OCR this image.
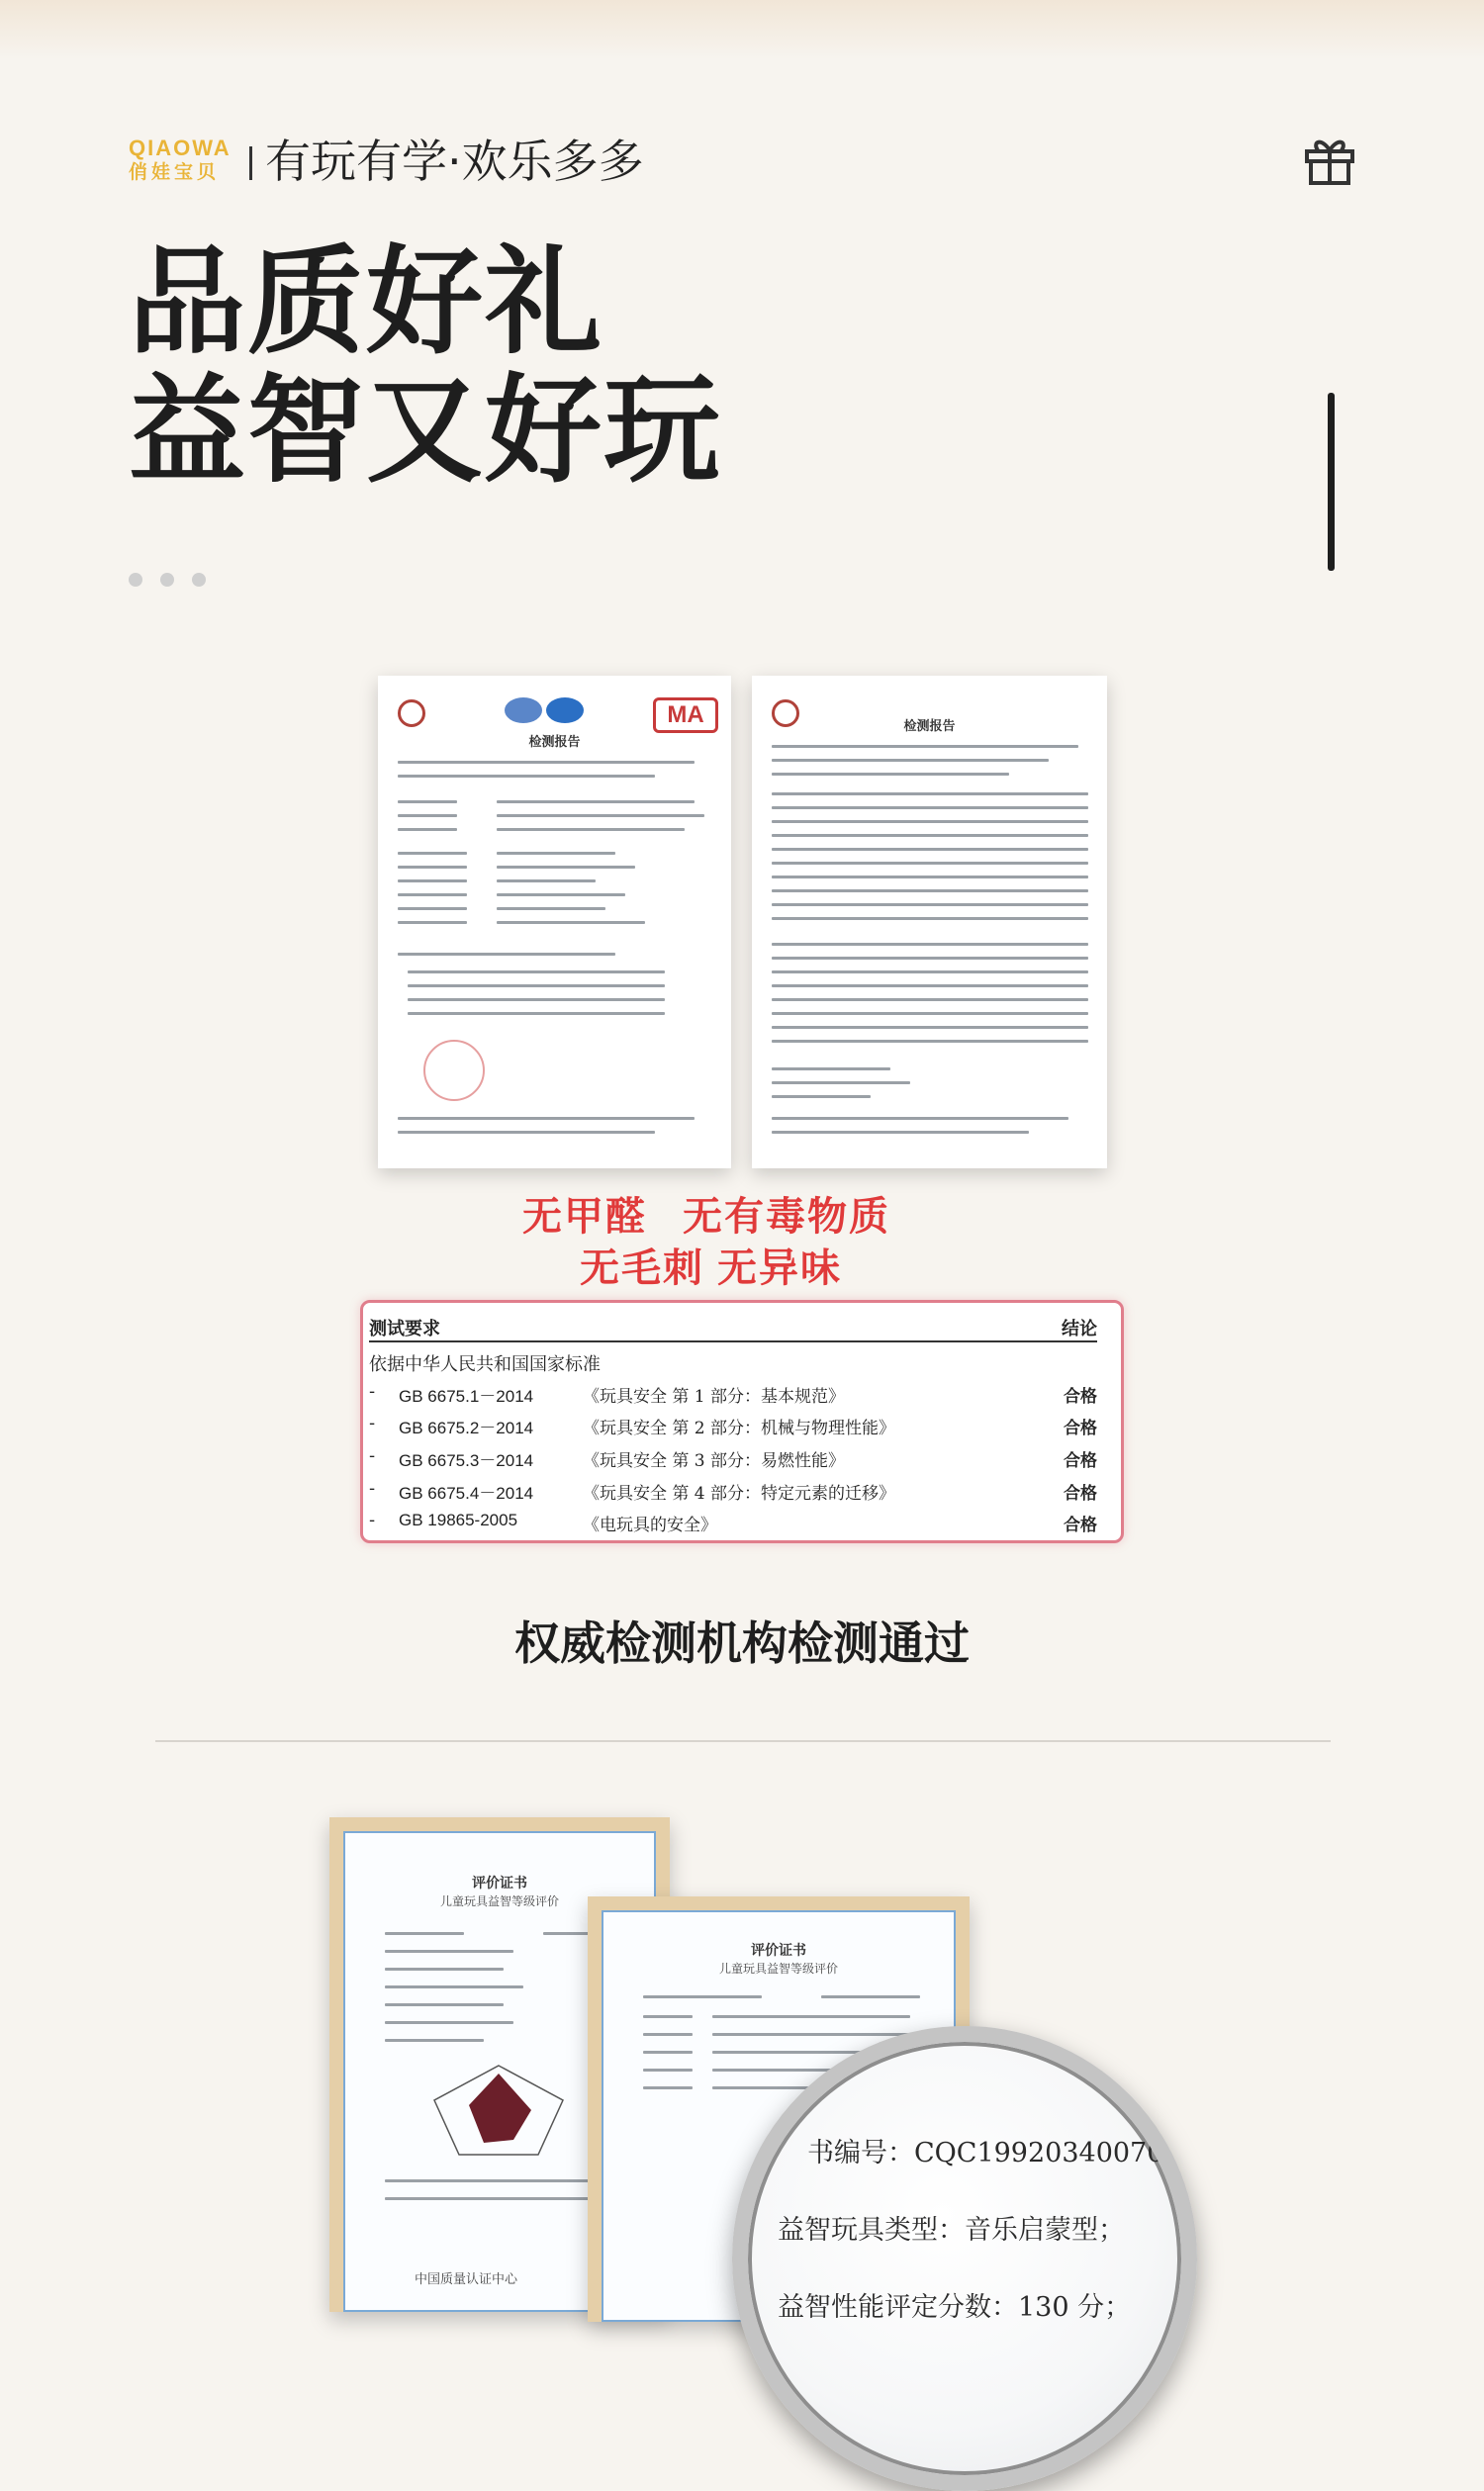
QIAOWA
俏娃宝贝 有玩有学·欢乐多多
品质好礼
益智又好玩
MA
检测报告
检测报告
无甲醛 无有毒物质
无毛刺 无异味
测试要求	结论
依据中华人民共和国国家标准
- GB 6675.1－2014	《玩具安全 第 1 部分：基本规范》	合格
- GB 6675.2－2014	《玩具安全 第 2 部分：机械与物理性能》	合格
- GB 6675.3－2014	《玩具安全 第 3 部分：易燃性能》	合格
- GB 6675.4－2014	《玩具安全 第 4 部分：特定元素的迁移》	合格
- GB 19865-2005	《电玩具的安全》	合格
权威检测机构检测通过
评价证书
儿童玩具益智等级评价
中国质量认证中心
评价证书
儿童玩具益智等级评价
书编号：CQC19920340070
益智玩具类型：音乐启蒙型；
益智性能评定分数：130 分；
